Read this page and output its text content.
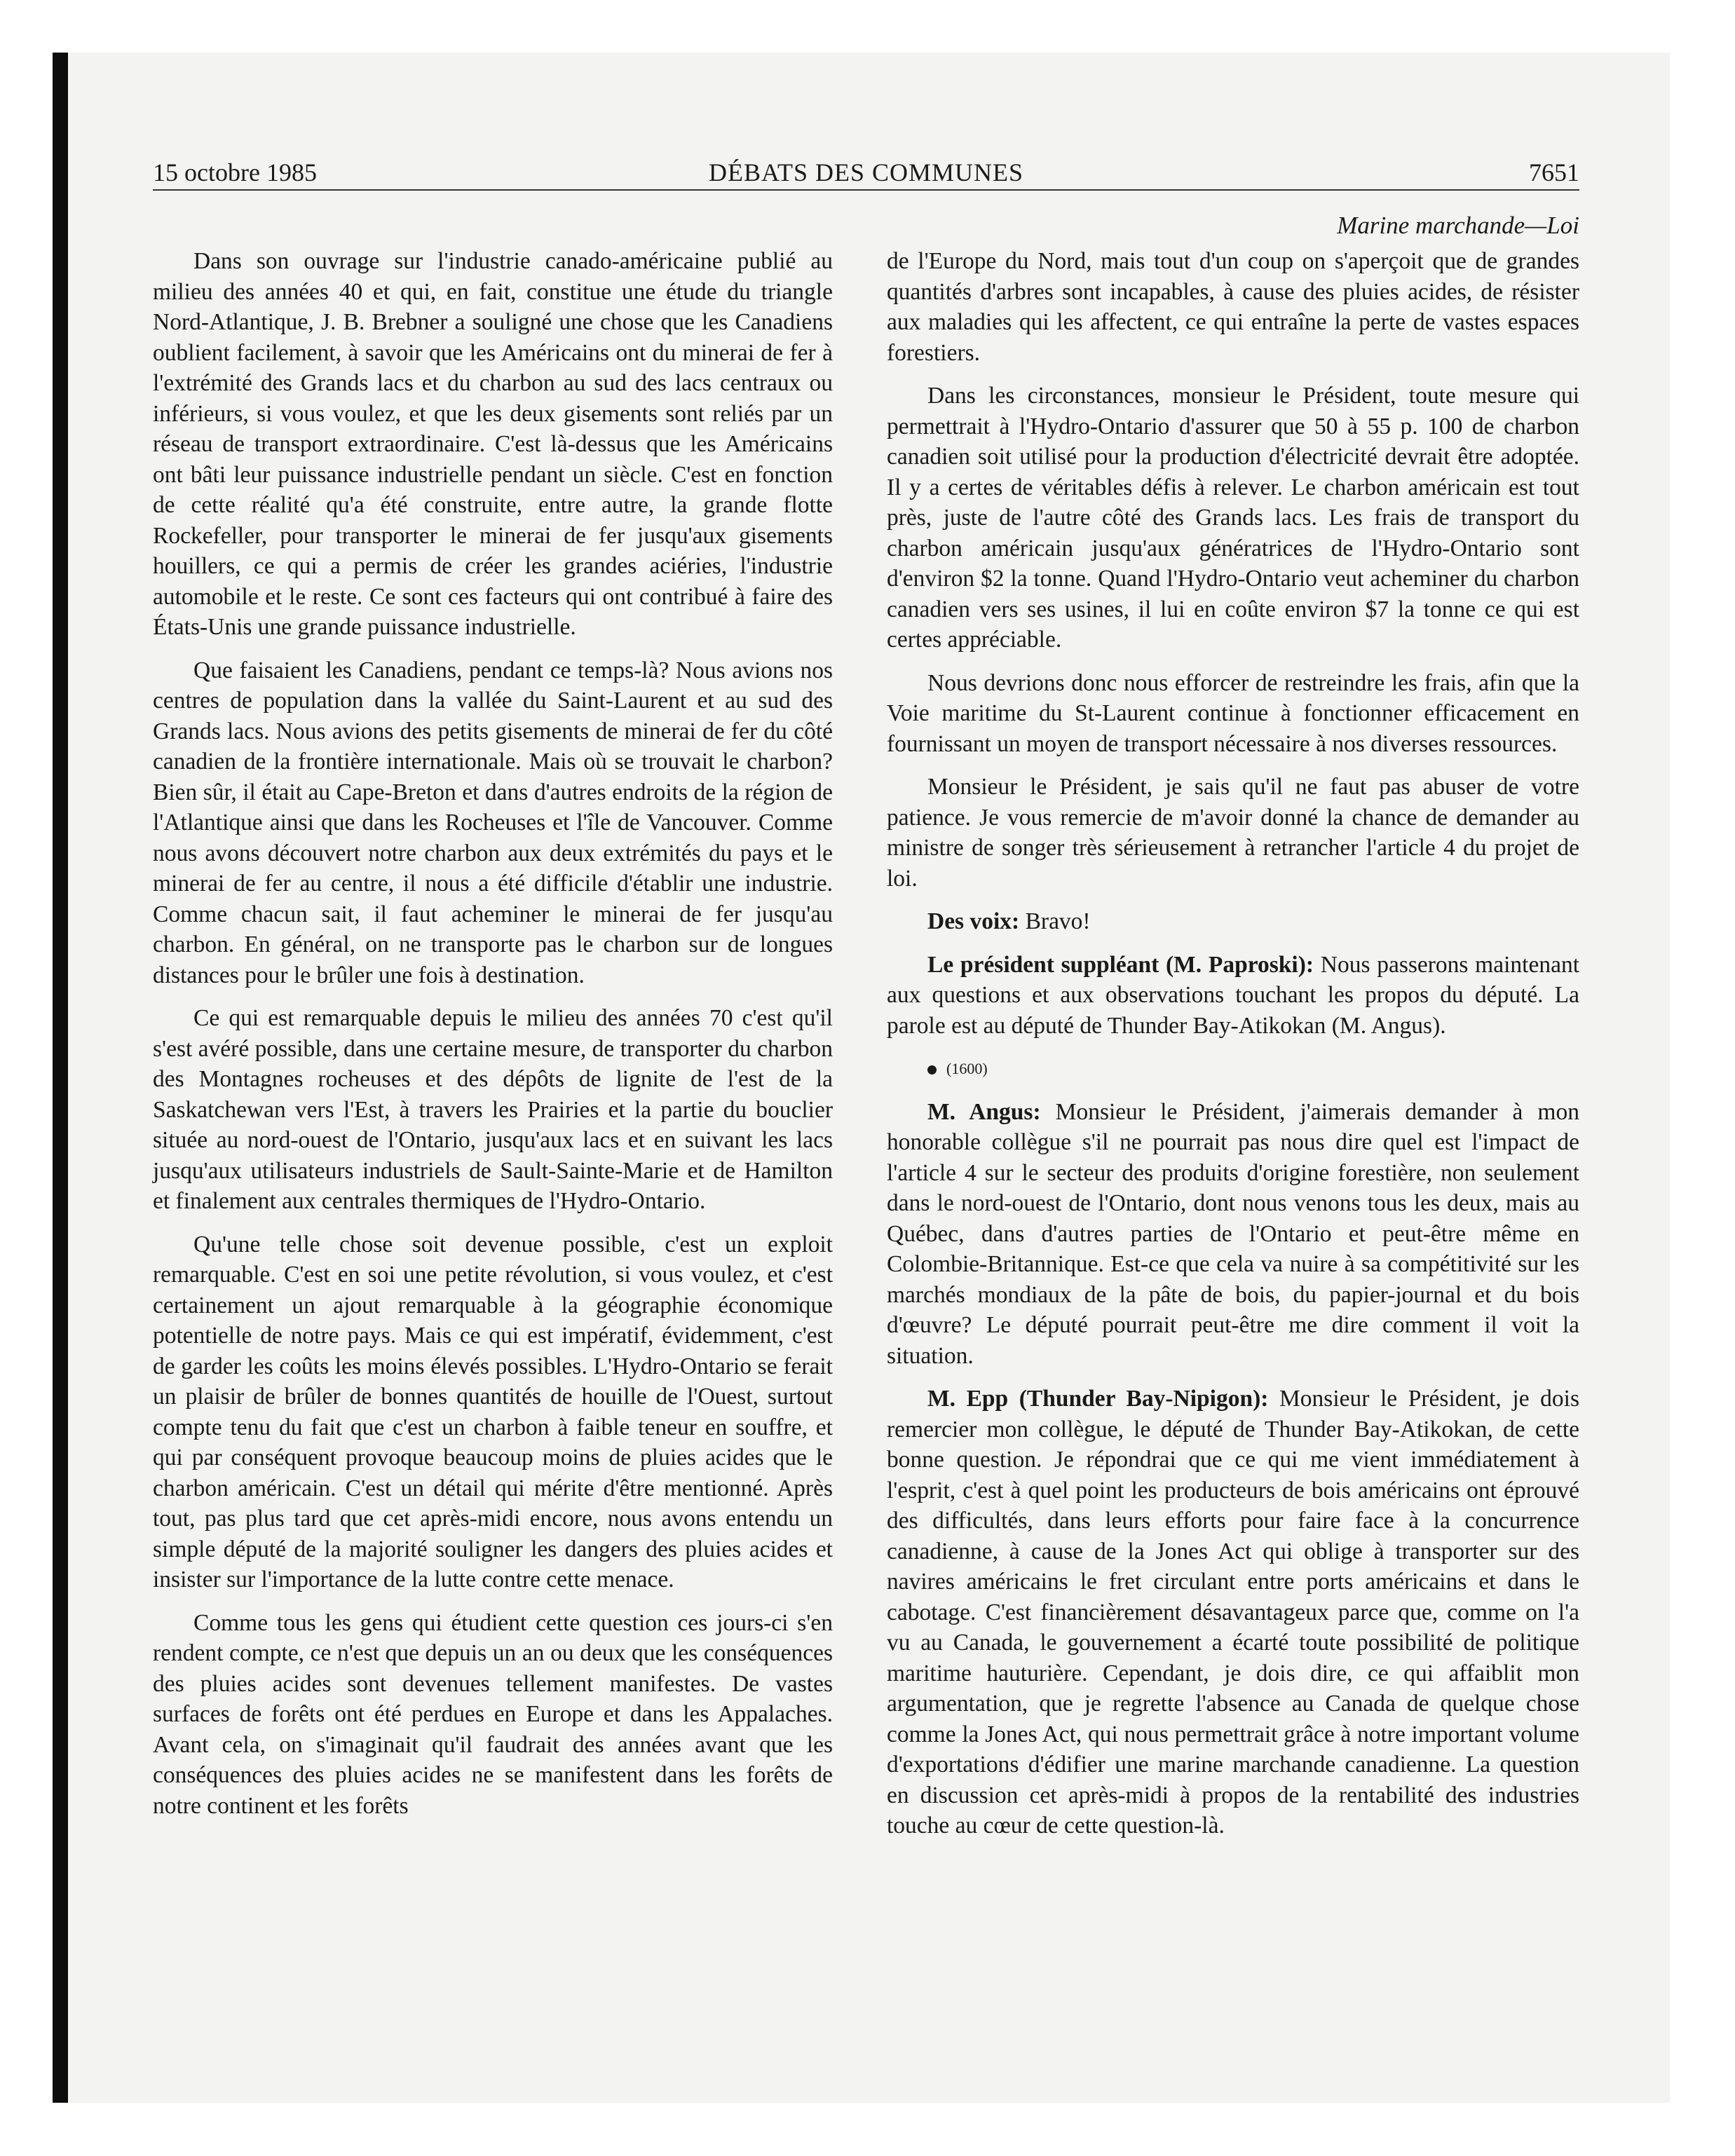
15 octobre 1985	DÉBATS DES COMMUNES	7651
Marine marchande—Loi

Dans son ouvrage sur l'industrie canado-américaine publié au milieu des années 40 et qui, en fait, constitue une étude du triangle Nord-Atlantique, J. B. Brebner a souligné une chose que les Canadiens oublient facilement, à savoir que les Américains ont du minerai de fer à l'extrémité des Grands lacs et du charbon au sud des lacs centraux ou inférieurs, si vous voulez, et que les deux gisements sont reliés par un réseau de transport extraordinaire. C'est là-dessus que les Américains ont bâti leur puissance industrielle pendant un siècle. C'est en fonction de cette réalité qu'a été construite, entre autre, la grande flotte Rockefeller, pour transporter le minerai de fer jusqu'aux gisements houillers, ce qui a permis de créer les grandes aciéries, l'industrie automobile et le reste. Ce sont ces facteurs qui ont contribué à faire des États-Unis une grande puissance industrielle.

Que faisaient les Canadiens, pendant ce temps-là? Nous avions nos centres de population dans la vallée du Saint-Laurent et au sud des Grands lacs. Nous avions des petits gisements de minerai de fer du côté canadien de la frontière internationale. Mais où se trouvait le charbon? Bien sûr, il était au Cape-Breton et dans d'autres endroits de la région de l'Atlantique ainsi que dans les Rocheuses et l'île de Vancouver. Comme nous avons découvert notre charbon aux deux extrémités du pays et le minerai de fer au centre, il nous a été difficile d'établir une industrie. Comme chacun sait, il faut acheminer le minerai de fer jusqu'au charbon. En général, on ne transporte pas le charbon sur de longues distances pour le brûler une fois à destination.

Ce qui est remarquable depuis le milieu des années 70 c'est qu'il s'est avéré possible, dans une certaine mesure, de transporter du charbon des Montagnes rocheuses et des dépôts de lignite de l'est de la Saskatchewan vers l'Est, à travers les Prairies et la partie du bouclier située au nord-ouest de l'Ontario, jusqu'aux lacs et en suivant les lacs jusqu'aux utilisateurs industriels de Sault-Sainte-Marie et de Hamilton et finalement aux centrales thermiques de l'Hydro-Ontario.

Qu'une telle chose soit devenue possible, c'est un exploit remarquable. C'est en soi une petite révolution, si vous voulez, et c'est certainement un ajout remarquable à la géographie économique potentielle de notre pays. Mais ce qui est impératif, évidemment, c'est de garder les coûts les moins élevés possibles. L'Hydro-Ontario se ferait un plaisir de brûler de bonnes quantités de houille de l'Ouest, surtout compte tenu du fait que c'est un charbon à faible teneur en souffre, et qui par conséquent provoque beaucoup moins de pluies acides que le charbon américain. C'est un détail qui mérite d'être mentionné. Après tout, pas plus tard que cet après-midi encore, nous avons entendu un simple député de la majorité souligner les dangers des pluies acides et insister sur l'importance de la lutte contre cette menace.

Comme tous les gens qui étudient cette question ces jours-ci s'en rendent compte, ce n'est que depuis un an ou deux que les conséquences des pluies acides sont devenues tellement manifestes. De vastes surfaces de forêts ont été perdues en Europe et dans les Appalaches. Avant cela, on s'imaginait qu'il faudrait des années avant que les conséquences des pluies acides ne se manifestent dans les forêts de notre continent et les forêts

de l'Europe du Nord, mais tout d'un coup on s'aperçoit que de grandes quantités d'arbres sont incapables, à cause des pluies acides, de résister aux maladies qui les affectent, ce qui entraîne la perte de vastes espaces forestiers.

Dans les circonstances, monsieur le Président, toute mesure qui permettrait à l'Hydro-Ontario d'assurer que 50 à 55 p. 100 de charbon canadien soit utilisé pour la production d'électricité devrait être adoptée. Il y a certes de véritables défis à relever. Le charbon américain est tout près, juste de l'autre côté des Grands lacs. Les frais de transport du charbon américain jusqu'aux génératrices de l'Hydro-Ontario sont d'environ $2 la tonne. Quand l'Hydro-Ontario veut acheminer du charbon canadien vers ses usines, il lui en coûte environ $7 la tonne ce qui est certes appréciable.

Nous devrions donc nous efforcer de restreindre les frais, afin que la Voie maritime du St-Laurent continue à fonctionner efficacement en fournissant un moyen de transport nécessaire à nos diverses ressources.

Monsieur le Président, je sais qu'il ne faut pas abuser de votre patience. Je vous remercie de m'avoir donné la chance de demander au ministre de songer très sérieusement à retrancher l'article 4 du projet de loi.

Des voix: Bravo!

Le président suppléant (M. Paproski): Nous passerons maintenant aux questions et aux observations touchant les propos du député. La parole est au député de Thunder Bay-Atikokan (M. Angus).

(1600)

M. Angus: Monsieur le Président, j'aimerais demander à mon honorable collègue s'il ne pourrait pas nous dire quel est l'impact de l'article 4 sur le secteur des produits d'origine forestière, non seulement dans le nord-ouest de l'Ontario, dont nous venons tous les deux, mais au Québec, dans d'autres parties de l'Ontario et peut-être même en Colombie-Britannique. Est-ce que cela va nuire à sa compétitivité sur les marchés mondiaux de la pâte de bois, du papier-journal et du bois d'œuvre? Le député pourrait peut-être me dire comment il voit la situation.

M. Epp (Thunder Bay-Nipigon): Monsieur le Président, je dois remercier mon collègue, le député de Thunder Bay-Atikokan, de cette bonne question. Je répondrai que ce qui me vient immédiatement à l'esprit, c'est à quel point les producteurs de bois américains ont éprouvé des difficultés, dans leurs efforts pour faire face à la concurrence canadienne, à cause de la Jones Act qui oblige à transporter sur des navires américains le fret circulant entre ports américains et dans le cabotage. C'est financièrement désavantageux parce que, comme on l'a vu au Canada, le gouvernement a écarté toute possibilité de politique maritime hauturière. Cependant, je dois dire, ce qui affaiblit mon argumentation, que je regrette l'absence au Canada de quelque chose comme la Jones Act, qui nous permettrait grâce à notre important volume d'exportations d'édifier une marine marchande canadienne. La question en discussion cet après-midi à propos de la rentabilité des industries touche au cœur de cette question-là.
